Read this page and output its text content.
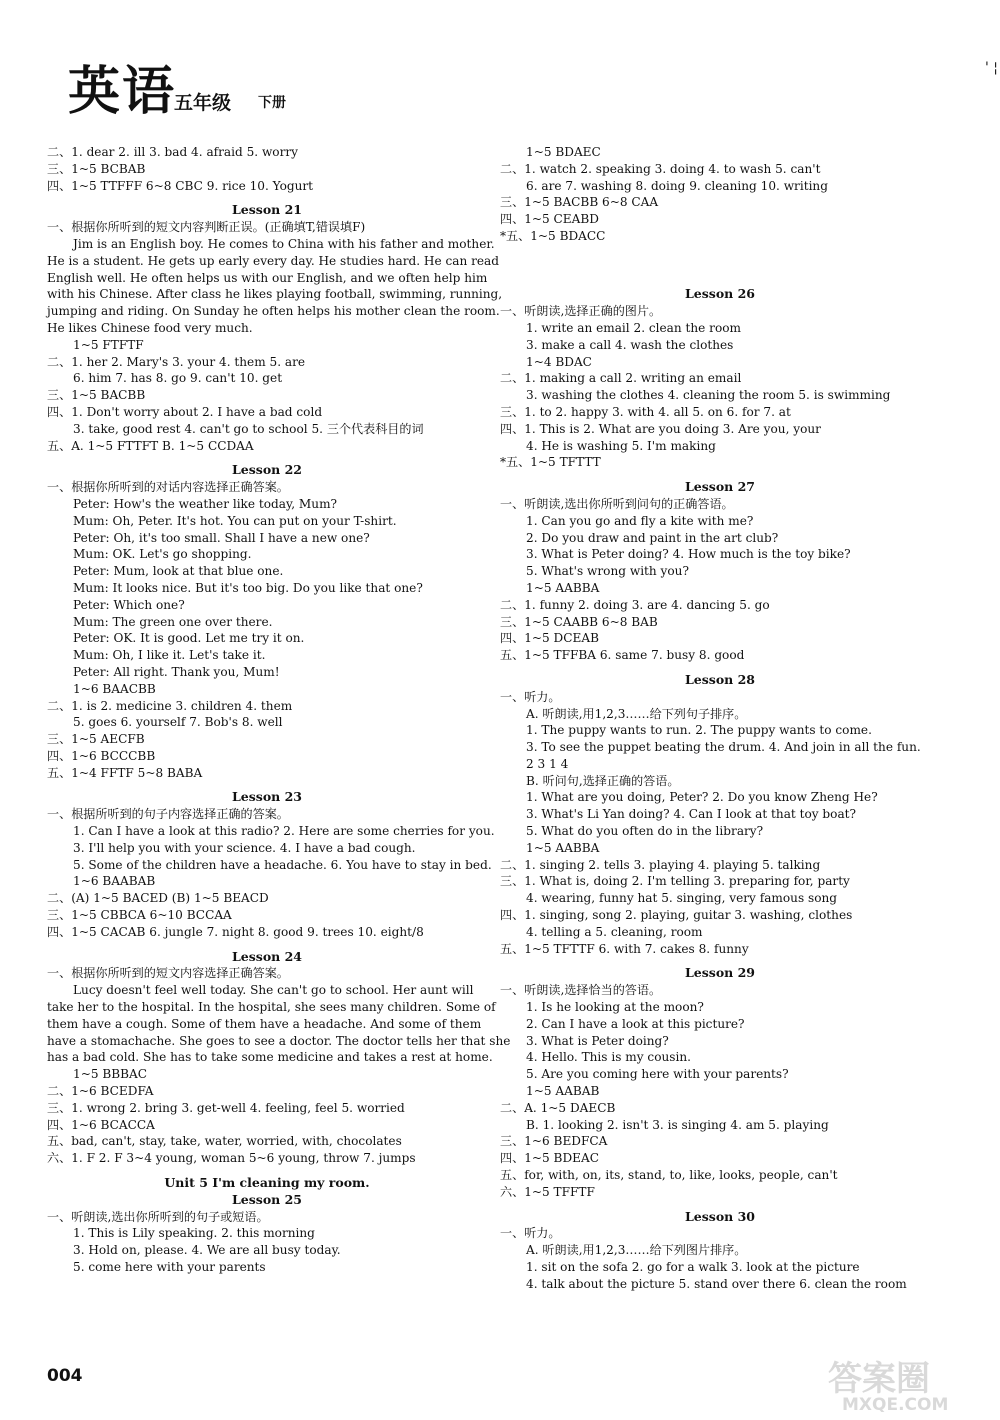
英语
五年级 下册
' ¦
二、1. dear 2. ill 3. bad 4. afraid 5. worry
三、1~5 BCBAB
四、1~5 TTFFF 6~8 CBC 9. rice 10. Yogurt
Lesson 21
一、根据你所听到的短文内容判断正误。(正确填T,错误填F)
Jim is an English boy. He comes to China with his father and mother.
He is a student. He gets up early every day. He studies hard. He can read
English well. He often helps us with our English, and we often help him
with his Chinese. After class he likes playing football, swimming, running,
jumping and riding. On Sunday he often helps his mother clean the room.
He likes Chinese food very much.
1~5 FTFTF
二、1. her 2. Mary's 3. your 4. them 5. are
6. him 7. has 8. go 9. can't 10. get
三、1~5 BACBB
四、1. Don't worry about 2. I have a bad cold
3. take, good rest 4. can't go to school 5. 三个代表科目的词
五、A. 1~5 FTTFT B. 1~5 CCDAA
Lesson 22
一、根据你所听到的对话内容选择正确答案。
Peter: How's the weather like today, Mum?
Mum: Oh, Peter. It's hot. You can put on your T-shirt.
Peter: Oh, it's too small. Shall I have a new one?
Mum: OK. Let's go shopping.
Peter: Mum, look at that blue one.
Mum: It looks nice. But it's too big. Do you like that one?
Peter: Which one?
Mum: The green one over there.
Peter: OK. It is good. Let me try it on.
Mum: Oh, I like it. Let's take it.
Peter: All right. Thank you, Mum!
1~6 BAACBB
二、1. is 2. medicine 3. children 4. them
5. goes 6. yourself 7. Bob's 8. well
三、1~5 AECFB
四、1~6 BCCCBB
五、1~4 FFTF 5~8 BABA
Lesson 23
一、根据所听到的句子内容选择正确的答案。
1. Can I have a look at this radio? 2. Here are some cherries for you.
3. I'll help you with your science. 4. I have a bad cough.
5. Some of the children have a headache. 6. You have to stay in bed.
1~6 BAABAB
二、(A) 1~5 BACED (B) 1~5 BEACD
三、1~5 CBBCA 6~10 BCCAA
四、1~5 CACAB 6. jungle 7. night 8. good 9. trees 10. eight/8
Lesson 24
一、根据你所听到的短文内容选择正确答案。
Lucy doesn't feel well today. She can't go to school. Her aunt will
take her to the hospital. In the hospital, she sees many children. Some of
them have a cough. Some of them have a headache. And some of them
have a stomachache. She goes to see a doctor. The doctor tells her that she
has a bad cold. She has to take some medicine and takes a rest at home.
1~5 BBBAC
二、1~6 BCEDFA
三、1. wrong 2. bring 3. get-well 4. feeling, feel 5. worried
四、1~6 BCACCA
五、bad, can't, stay, take, water, worried, with, chocolates
六、1. F 2. F 3~4 young, woman 5~6 young, throw 7. jumps
Unit 5 I'm cleaning my room.
Lesson 25
一、听朗读,选出你所听到的句子或短语。
1. This is Lily speaking. 2. this morning
3. Hold on, please. 4. We are all busy today.
5. come here with your parents
1~5 BDAEC
二、1. watch 2. speaking 3. doing 4. to wash 5. can't
6. are 7. washing 8. doing 9. cleaning 10. writing
三、1~5 BACBB 6~8 CAA
四、1~5 CEABD
*五、1~5 BDACC
Lesson 26
一、听朗读,选择正确的图片。
1. write an email 2. clean the room
3. make a call 4. wash the clothes
1~4 BDAC
二、1. making a call 2. writing an email
3. washing the clothes 4. cleaning the room 5. is swimming
三、1. to 2. happy 3. with 4. all 5. on 6. for 7. at
四、1. This is 2. What are you doing 3. Are you, your
4. He is washing 5. I'm making
*五、1~5 TFTTT
Lesson 27
一、听朗读,选出你所听到问句的正确答语。
1. Can you go and fly a kite with me?
2. Do you draw and paint in the art club?
3. What is Peter doing? 4. How much is the toy bike?
5. What's wrong with you?
1~5 AABBA
二、1. funny 2. doing 3. are 4. dancing 5. go
三、1~5 CAABB 6~8 BAB
四、1~5 DCEAB
五、1~5 TFFBA 6. same 7. busy 8. good
Lesson 28
一、听力。
A. 听朗读,用1,2,3……给下列句子排序。
1. The puppy wants to run. 2. The puppy wants to come.
3. To see the puppet beating the drum. 4. And join in all the fun.
2 3 1 4
B. 听问句,选择正确的答语。
1. What are you doing, Peter? 2. Do you know Zheng He?
3. What's Li Yan doing? 4. Can I look at that toy boat?
5. What do you often do in the library?
1~5 AABBA
二、1. singing 2. tells 3. playing 4. playing 5. talking
三、1. What is, doing 2. I'm telling 3. preparing for, party
4. wearing, funny hat 5. singing, very famous song
四、1. singing, song 2. playing, guitar 3. washing, clothes
4. telling a 5. cleaning, room
五、1~5 TFTTF 6. with 7. cakes 8. funny
Lesson 29
一、听朗读,选择恰当的答语。
1. Is he looking at the moon?
2. Can I have a look at this picture?
3. What is Peter doing?
4. Hello. This is my cousin.
5. Are you coming here with your parents?
1~5 AABAB
二、A. 1~5 DAECB
B. 1. looking 2. isn't 3. is singing 4. am 5. playing
三、1~6 BEDFCA
四、1~5 BDEAC
五、for, with, on, its, stand, to, like, looks, people, can't
六、1~5 TFFTF
Lesson 30
一、听力。
A. 听朗读,用1,2,3……给下列图片排序。
1. sit on the sofa 2. go for a walk 3. look at the picture
4. talk about the picture 5. stand over there 6. clean the room
004	答案圈
MXQE.COM
